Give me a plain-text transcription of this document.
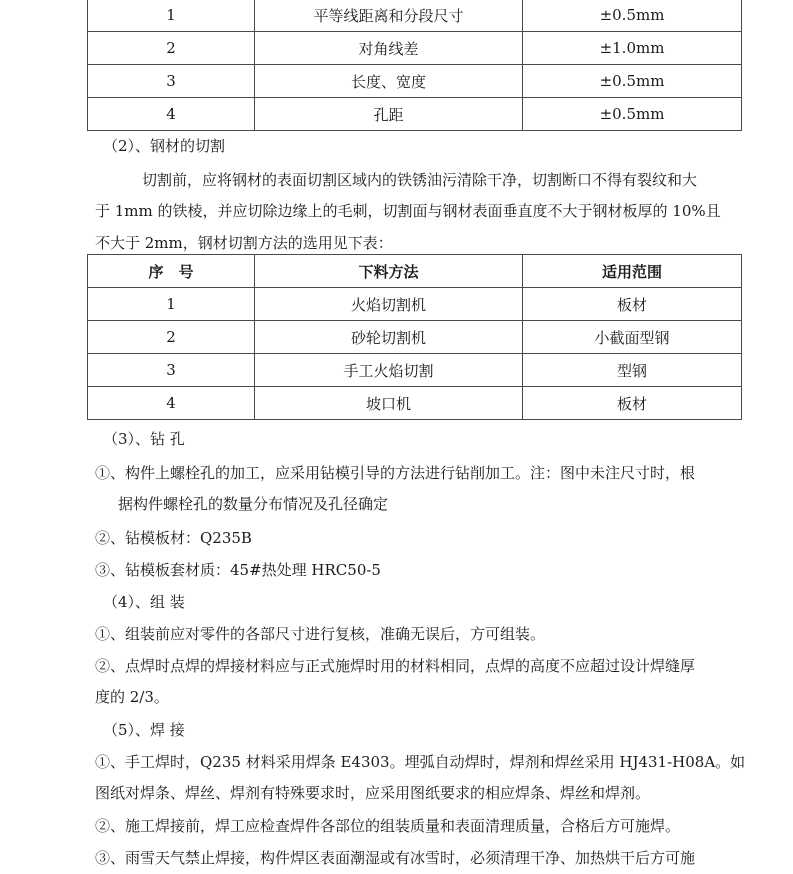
1	平等线距离和分段尺寸	±0.5mm
2	对角线差	±1.0mm
3	长度、宽度	±0.5mm
4	孔距	±0.5mm
（2）、钢材的切割
切割前，应将钢材的表面切割区域内的铁锈油污清除干净，切割断口不得有裂纹和大
于 1mm 的铁棱，并应切除边缘上的毛刺，切割面与钢材表面垂直度不大于钢材板厚的 10%且
不大于 2mm，钢材切割方法的选用见下表：
序　号	下料方法	适用范围
1	火焰切割机	板材
2	砂轮切割机	小截面型钢
3	手工火焰切割	型钢
4	坡口机	板材
（3）、钻 孔
①、构件上螺栓孔的加工，应采用钻模引导的方法进行钻削加工。注：图中未注尺寸时，根
据构件螺栓孔的数量分布情况及孔径确定
②、钻模板材：Q235B
③、钻模板套材质：45#热处理 HRC50-5
（4）、组 装
①、组装前应对零件的各部尺寸进行复核，准确无误后，方可组装。
②、点焊时点焊的焊接材料应与正式施焊时用的材料相同，点焊的高度不应超过设计焊缝厚
度的 2/3。
（5）、焊 接
①、手工焊时，Q235 材料采用焊条 E4303。埋弧自动焊时，焊剂和焊丝采用 HJ431-H08A。如
图纸对焊条、焊丝、焊剂有特殊要求时，应采用图纸要求的相应焊条、焊丝和焊剂。
②、施工焊接前，焊工应检查焊件各部位的组装质量和表面清理质量，合格后方可施焊。
③、雨雪天气禁止焊接，构件焊区表面潮湿或有冰雪时，必须清理干净、加热烘干后方可施
